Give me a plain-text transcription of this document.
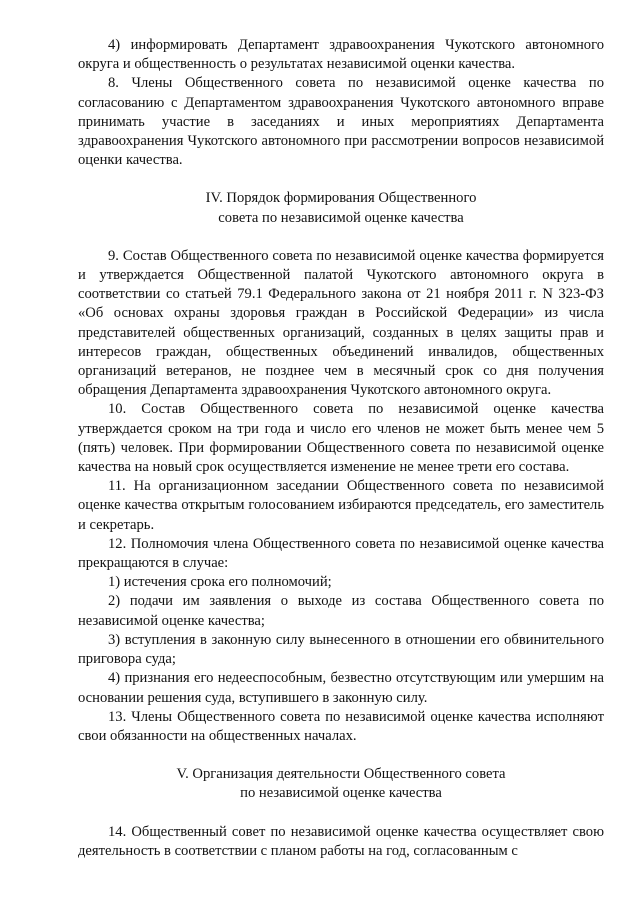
4) информировать Департамент здравоохранения Чукотского автономного округа и общественность о результатах независимой оценки качества.

8. Члены Общественного совета по независимой оценке качества по согласованию с Департаментом здравоохранения Чукотского автономного вправе принимать участие в заседаниях и иных мероприятиях Департамента здравоохранения Чукотского автономного при рассмотрении вопросов независимой оценки качества.

IV. Порядок формирования Общественного
совета по независимой оценке качества

9. Состав Общественного совета по независимой оценке качества формируется и утверждается Общественной палатой Чукотского автономного округа в соответствии со статьей 79.1 Федерального закона от 21 ноября 2011 г. N 323-ФЗ «Об основах охраны здоровья граждан в Российской Федерации» из числа представителей общественных организаций, созданных в целях защиты прав и интересов граждан, общественных объединений инвалидов, общественных организаций ветеранов, не позднее чем в месячный срок со дня получения обращения Департамента здравоохранения Чукотского автономного округа.

10. Состав Общественного совета по независимой оценке качества утверждается сроком на три года и число его членов не может быть менее чем 5 (пять) человек. При формировании Общественного совета по независимой оценке качества на новый срок осуществляется изменение не менее трети его состава.

11. На организационном заседании Общественного совета по независимой оценке качества открытым голосованием избираются председатель, его заместитель и секретарь.

12. Полномочия члена Общественного совета по независимой оценке качества прекращаются в случае:

1) истечения срока его полномочий;

2) подачи им заявления о выходе из состава Общественного совета по независимой оценке качества;

3) вступления в законную силу вынесенного в отношении его обвинительного приговора суда;

4) признания его недееспособным, безвестно отсутствующим или умершим на основании решения суда, вступившего в законную силу.

13. Члены Общественного совета по независимой оценке качества исполняют свои обязанности на общественных началах.

V. Организация деятельности Общественного совета
по независимой оценке качества

14. Общественный совет по независимой оценке качества осуществляет свою деятельность в соответствии с планом работы на год, согласованным с
